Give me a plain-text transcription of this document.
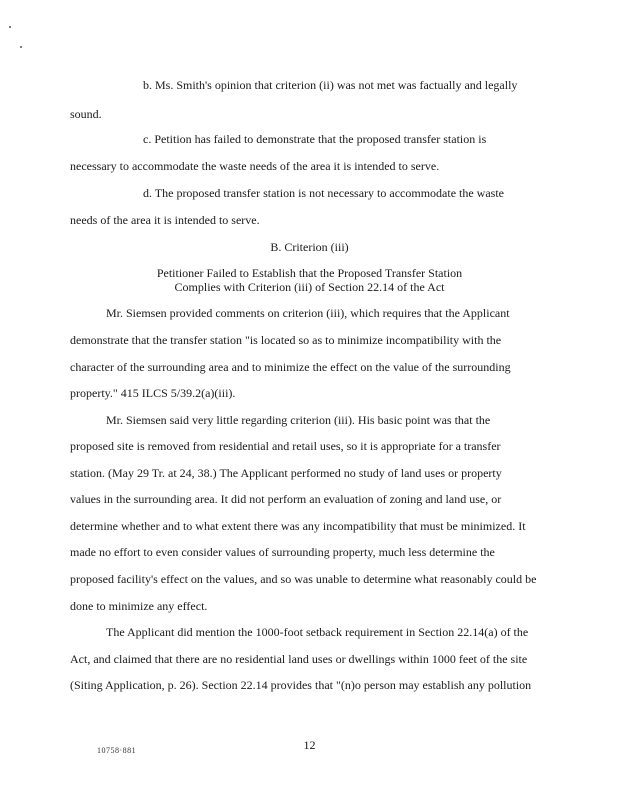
b. Ms. Smith's opinion that criterion (ii) was not met was factually and legally
sound.
c. Petition has failed to demonstrate that the proposed transfer station is
necessary to accommodate the waste needs of the area it is intended to serve.
d. The proposed transfer station is not necessary to accommodate the waste
needs of the area it is intended to serve.
B. Criterion (iii)
Petitioner Failed to Establish that the Proposed Transfer Station
Complies with Criterion (iii) of Section 22.14 of the Act
Mr. Siemsen provided comments on criterion (iii), which requires that the Applicant
demonstrate that the transfer station "is located so as to minimize incompatibility with the
character of the surrounding area and to minimize the effect on the value of the surrounding
property." 415 ILCS 5/39.2(a)(iii).
Mr. Siemsen said very little regarding criterion (iii). His basic point was that the
proposed site is removed from residential and retail uses, so it is appropriate for a transfer
station. (May 29 Tr. at 24, 38.) The Applicant performed no study of land uses or property
values in the surrounding area. It did not perform an evaluation of zoning and land use, or
determine whether and to what extent there was any incompatibility that must be minimized. It
made no effort to even consider values of surrounding property, much less determine the
proposed facility's effect on the values, and so was unable to determine what reasonably could be
done to minimize any effect.
The Applicant did mention the 1000-foot setback requirement in Section 22.14(a) of the
Act, and claimed that there are no residential land uses or dwellings within 1000 feet of the site
(Siting Application, p. 26). Section 22.14 provides that "(n)o person may establish any pollution
10758·881	12
